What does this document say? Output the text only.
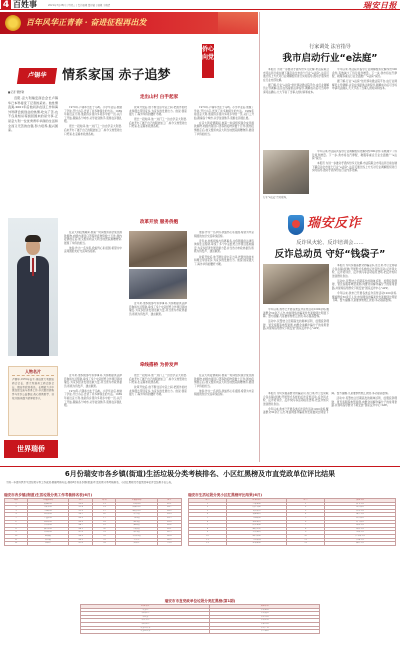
4 百姓事	2021年7月28日 | 星期三 | 责任编辑 曹舒敏 | 编辑 金晓清	瑞安日报
百年风华正青春 · 奋进征程再出发
卢锡华	情系家国 赤子追梦
侨心向党
■记者 曹舒敏
迈阳,意大利瑞安商会会长卢锡华已本科接受了记者的采访。他性情直爽,2001年后他初涉在读工作和海外科研会到创业的热情,吃完了苦,也不仅是知识等到回国来的是分享,正是意大利一位优秀青年华商的生活和全而又无苦的自强,努力培养,振兴国家。
人物名片
卢锡华,1970年出生,现任意大利瑞安商会会长、意大利温州工商会副会长、瑞安市政协委员。长期致力于中意经贸交流与侨务工作,多次组织侨胞参与家乡公益事业,热心助教助学、扶贫济困,被誉为侨界的赤子。
世界瑞侨
走出山村 白手起家

1970年,卢锡华出生于马屿。小学毕业后,他做了学徒,开过小店,尝试了许多种谋生的方法。1989年前往意大利,他是侨乡里许多同乡中的一员,从打工开始,跑遍各个城市,从学徒到熟手,逐渐在异国扎根。

很长一段时间,他一边打工一边自学意大利语,后来开办了属于自己的服装加工厂,如今又转型进出口贸易,生意遍布欧洲各地。

改革开放后,他不断往返中意之间,把国外的技术和理念带回家乡,为家乡的发展出力。他说:国家强大了,海外华侨的腰杆才硬。

很长一段时间,他一边打工一边自学意大利语,后来开办了属于自己的服装加工厂,如今又转型进出口贸易,生意遍布欧洲各地。

1970年,卢锡华出生于马屿。小学毕业后,他做了学徒,开过小店,尝试了许多种谋生的方法。1989年前往意大利,他是侨乡里许多同乡中的一员,从打工开始,跑遍各个城市,从学徒到熟手,逐渐在异国扎根。

在意大利疫情期间,他第一时间组织商会成员捐款捐物,向国内寄回口罩等防疫物资数十万件;国内疫情稳定后,他又组织向意大利当地医院捐赠物资,展现了华侨的担当。

改革开放 服务侨胞

在意大利疫情期间,他第一时间组织商会成员捐款捐物,向国内寄回口罩等防疫物资数十万件;国内疫情稳定后,他又组织向意大利当地医院捐赠物资,展现了华侨的担当。

他说:作为一名华侨,我始终心系祖国,希望为中意两国的友好交流牵线搭桥。

近年来,他积极参与侨界事务,为侨胞提供法律咨询和生活帮助,牵线了多个中意经贸合作项目落地瑞安,为家乡经济发展贡献力量,并当选为市政协委员,积极为侨发声、建言献策。

他说:作为一名华侨,我始终心系祖国,希望为中意两国的友好交流牵线搭桥。

近年来,他积极参与侨界事务,为侨胞提供法律咨询和生活帮助,牵线了多个中意经贸合作项目落地瑞安,为家乡经济发展贡献力量,并当选为市政协委员,积极为侨发声、建言献策。

改革开放后,他不断往返中意之间,把国外的技术和理念带回家乡,为家乡的发展出力。他说:国家强大了,海外华侨的腰杆才硬。

牵线搭桥 为侨发声

近年来,他积极参与侨界事务,为侨胞提供法律咨询和生活帮助,牵线了多个中意经贸合作项目落地瑞安,为家乡经济发展贡献力量,并当选为市政协委员,积极为侨发声、建言献策。

1970年,卢锡华出生于马屿。小学毕业后,他做了学徒,开过小店,尝试了许多种谋生的方法。1989年前往意大利,他是侨乡里许多同乡中的一员,从打工开始,跑遍各个城市,从学徒到熟手,逐渐在异国扎根。

很长一段时间,他一边打工一边自学意大利语,后来开办了属于自己的服装加工厂,如今又转型进出口贸易,生意遍布欧洲各地。

改革开放后,他不断往返中意之间,把国外的技术和理念带回家乡,为家乡的发展出力。他说:国家强大了,海外华侨的腰杆才硬。

在意大利疫情期间,他第一时间组织商会成员捐款捐物,向国内寄回口罩等防疫物资数十万件;国内疫情稳定后,他又组织向意大利当地医院捐赠物资,展现了华侨的担当。

他说:作为一名华侨,我始终心系祖国,希望为中意两国的友好交流牵线搭桥。

行家调处 法官指导
我市启动行业“e法庭”

本报讯 为进一步推动矛盾纠纷多元化解,市法院联合市司法局日前在塘下镇启动全市首个行业“e法庭”,法官可通过线上方式对行业调解组织进行实时指导,推动矛盾纠纷在行业内部化解。

据了解,行业“e法庭”依托移动微法院平台,由行业调解员主导调解,法官在线提供法律指导,调解成功后可当场申请司法确认,大大节省了当事人的时间和成本。

今年以来,市法院共指导行业调解组织化解纠纷300余件,有效减少了诉讼案件增量。下一步,我市将在汽摩配、鞋服等重点行业全面推广“e法庭”模式。

据了解,行业“e法庭”依托移动微法院平台,由行业调解员主导调解,法官在线提供法律指导,调解成功后可当场申请司法确认,大大节省了当事人的时间和成本。

行业“e法庭”启动现场。

今年以来,市法院共指导行业调解组织化解纠纷300余件,有效减少了诉讼案件增量。下一步,我市将在汽摩配、鞋服等重点行业全面推广“e法庭”模式。

本报讯 为进一步推动矛盾纠纷多元化解,市法院联合市司法局日前在塘下镇启动全市首个行业“e法庭”,法官可通过线上方式对行业调解组织进行实时指导,推动矛盾纠纷在行业内部化解。

瑞安反诈
反诈风火轮、反诈培训会……
反诈总动员 守好“钱袋子”

本报讯 为切实提高群众防骗意识,连日来,市公安局联合各乡镇(街道)开展形式多样的反诈宣传活动,反诈风火轮、反诈培训会、反诈快闪等活动接连登场,把反诈知识送到群众身边。

活动中,民警结合近期高发的刷单返利、虚假投资理财、冒充客服等典型案例,向群众讲解诈骗分子的常用套路,并现场指导群众下载安装“国家反诈中心”APP。

今年以来,我市已开展各类反诈宣传活动1200余场,覆盖群众30余万人次,电信网络诈骗案件发案数同比明显下降。警方提醒,凡是要求转账汇款的,务必提高警惕。

今年以来,我市已开展各类反诈宣传活动1200余场,覆盖群众30余万人次,电信网络诈骗案件发案数同比明显下降。警方提醒,凡是要求转账汇款的,务必提高警惕。

活动中,民警结合近期高发的刷单返利、虚假投资理财、冒充客服等典型案例,向群众讲解诈骗分子的常用套路,并现场指导群众下载安装“国家反诈中心”APP。

本报讯 为切实提高群众防骗意识,连日来,市公安局联合各乡镇(街道)开展形式多样的反诈宣传活动,反诈风火轮、反诈培训会、反诈快闪等活动接连登场,把反诈知识送到群众身边。

今年以来,我市已开展各类反诈宣传活动1200余场,覆盖群众30余万人次,电信网络诈骗案件发案数同比明显下降。警方提醒,凡是要求转账汇款的,务必提高警惕。

活动中,民警结合近期高发的刷单返利、虚假投资理财、冒充客服等典型案例,向群众讲解诈骗分子的常用套路,并现场指导群众下载安装“国家反诈中心”APP。

6月份瑞安市各乡镇(街道)生活垃圾分类考核排名、小区红黑榜及市直党政单位评比结果
为进一步提升我市生活垃圾分类工作成效,根据考核办法,现将6月份各乡镇(街道)生活垃圾分类考核排名、小区红黑榜及市直党政单位评比结果予以公布。
瑞安市各乡镇(街道)生活垃圾分类工作考核排名表(6月)
排名	乡镇(街道)	得分	排名	乡镇(街道)	得分
1	锦湖街道	92.6	13	飞云街道	85.1
2	安阳街道	91.8	14	仙降街道	84.7
3	玉海街道	91.2	15	南滨街道	84.2
4	东山街道	90.5	16	塘下镇	83.9
5	上望街道	89.9	17	马屿镇	83.5
6	莘塍街道	89.4	18	陶山镇	83.0
7	汀田街道	88.7	19	湖岭镇	82.6
8	潘岱街道	88.1	20	高楼镇	82.1
9	云周街道	87.6	21	林川镇	81.5
10	桐浦镇	86.9	22	平阳坑镇	80.8
11	曹村镇	86.2	23	芳庄乡	80.2
12	北麂乡	85.6	24	营前乡	79.4
瑞安市生活垃圾分类小区红黑榜评比结果(6月)
序号	红榜小区	序号	黑榜小区
1	万松花苑	1	新华小区
2	滨江名苑	2	东门新村
3	安阳新村	3	西山小区
4	锦湖花园	4	南门小区
5	玉海新苑	5	北门新村
6	莘塍家园	6	塘下新区
7	阳光花苑	7	城东小区
8	湖滨公寓	8	城西小区
9	罗阳花园	9	老城小区
10	隆山雅苑	10	汽车站小区
11	飞云新城	11	江南小区
12	虹桥花苑	12	解放小区
瑞安市市直党政单位垃圾分类红黑榜(第1期)
红榜单位	黑榜单位
市委办	市住建局
市政府办	市交通局
市纪委	市水利局
市人大办	市农业局
市政协办	市商务局
市委宣传部	市文广局
市委组织部	市卫健局
